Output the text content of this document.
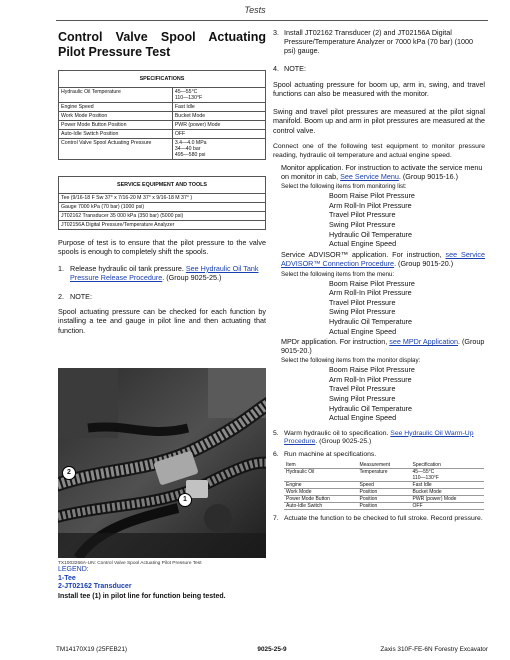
Tests
Control Valve Spool Actuating Pilot Pressure Test
SPECIFICATIONS	
Hydraulic Oil Temperature	45—55°C
110—130°F
Engine Speed	Fast Idle
Work Mode Position	Bucket Mode
Power Mode Button Position	PWR (power) Mode
Auto-Idle Switch Position	OFF
Control Valve Spool Actuating Pressure	3.4—4.0 MPa
34—40 bar
495—580 psi
SERVICE EQUIPMENT AND TOOLS
Tee (9/16-18 F Sw 37° x 7/16-20 M 37° x 9/16-18 M 37° )
Gauge 7000 kPa (70 bar) (1000 psi)
JT02162 Transducer 35 000 kPa (350 bar) (5000 psi)
JT02156A Digital Pressure/Temperature Analyzer
Purpose of test is to ensure that the pilot pressure to the valve spools is enough to completely shift the spools.
1. Release hydraulic oil tank pressure. See Hydraulic Oil Tank Pressure Release Procedure. (Group 9025-25.)
2. NOTE:
Spool actuating pressure can be checked for each function by installing a tee and gauge in pilot line and then actuating that function.
2
1
TX1003266A-UN: Control Valve Spool Actuating Pilot Pressure Test
LEGEND:
1-Tee
2-JT02162 Transducer
Install tee (1) in pilot line for function being tested.
3. Install JT02162 Transducer (2) and JT02156A Digital Pressure/Temperature Analyzer or 7000 kPa (70 bar) (1000 psi) gauge.
4. NOTE:
Spool actuating pressure for boom up, arm in, swing, and travel functions can also be measured with the monitor.
Swing and travel pilot pressures are measured at the pilot signal manifold. Boom up and arm in pilot pressures are measured at the control valve.
Connect one of the following test equipment to monitor pressure reading, hydraulic oil temperature and actual engine speed.
Monitor application. For instruction to activate the service menu on monitor in cab, See Service Menu. (Group 9015-16.)
Select the following items from monitoring list:
Boom Raise Pilot Pressure
Arm Roll-In Pilot Pressure
Travel Pilot Pressure
Swing Pilot Pressure
Hydraulic Oil Temperature
Actual Engine Speed
Service ADVISOR™ application. For instruction, see Service ADVISOR™ Connection Procedure. (Group 9015-20.)
Select the following items from the menu:
Boom Raise Pilot Pressure
Arm Roll-In Pilot Pressure
Travel Pilot Pressure
Swing Pilot Pressure
Hydraulic Oil Temperature
Actual Engine Speed
MPDr application. For instruction, see MPDr Application. (Group 9015-20.)
Select the following items from the monitor display:
Boom Raise Pilot Pressure
Arm Roll-In Pilot Pressure
Travel Pilot Pressure
Swing Pilot Pressure
Hydraulic Oil Temperature
Actual Engine Speed
5. Warm hydraulic oil to specification. See Hydraulic Oil Warm-Up Procedure. (Group 9025-25.)
6. Run machine at specifications.
Item	Measurement	Specification
Hydraulic Oil	Temperature	45—55°C
110—130°F
Engine	Speed	Fast Idle
Work Mode	Position	Bucket Mode
Power Mode Button	Position	PWR (power) Mode
Auto-Idle Switch	Position	OFF
7. Actuate the function to be checked to full stroke. Record pressure.
TM14170X19 (25FEB21)	9025-25-9	Zaxis 310F-FE-6N Forestry Excavator
